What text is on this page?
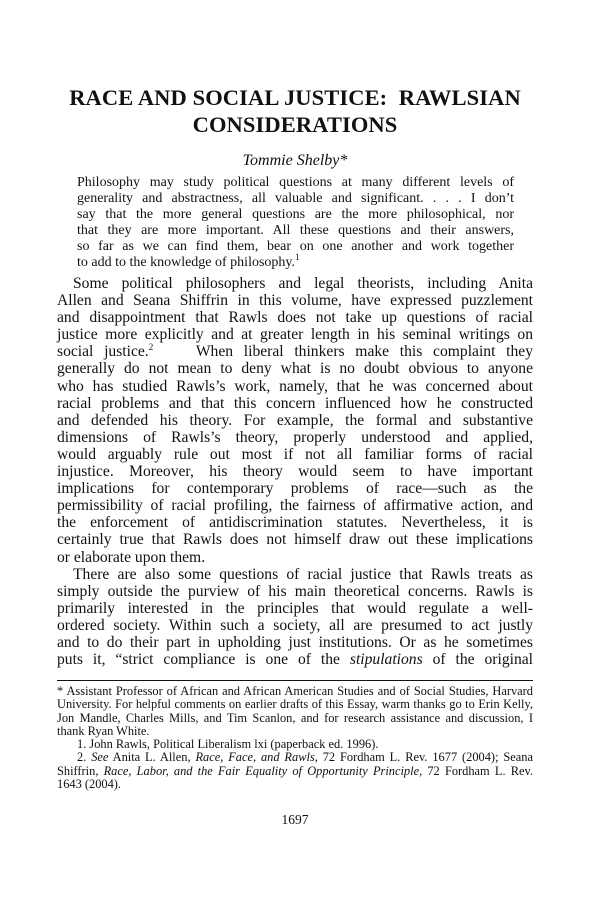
RACE AND SOCIAL JUSTICE:  RAWLSIAN
CONSIDERATIONS

Tommie Shelby*

Philosophy may study political questions at many different levels of
generality and abstractness, all valuable and significant. . . . I don’t
say that the more general questions are the more philosophical, nor
that they are more important. All these questions and their answers,
so far as we can find them, bear on one another and work together
to add to the knowledge of philosophy.$^1$
Some political philosophers and legal theorists, including Anita
Allen and Seana Shiffrin in this volume, have expressed puzzlement
and disappointment that Rawls does not take up questions of racial
justice more explicitly and at greater length in his seminal writings on
social justice.$^2$	When liberal thinkers make this complaint they
generally do not mean to deny what is no doubt obvious to anyone
who has studied Rawls’s work, namely, that he was concerned about
racial problems and that this concern influenced how he constructed
and defended his theory. For example, the formal and substantive
dimensions of Rawls’s theory, properly understood and applied,
would arguably rule out most if not all familiar forms of racial
injustice. Moreover, his theory would seem to have important
implications for contemporary problems of race—such as the
permissibility of racial profiling, the fairness of affirmative action, and
the enforcement of antidiscrimination statutes. Nevertheless, it is
certainly true that Rawls does not himself draw out these implications
or elaborate upon them.
There are also some questions of racial justice that Rawls treats as
simply outside the purview of his main theoretical concerns. Rawls is
primarily interested in the principles that would regulate a well-
ordered society. Within such a society, all are presumed to act justly
and to do their part in upholding just institutions. Or as he sometimes
puts it, “strict compliance is one of the stipulations of the original

* Assistant Professor of African and African American Studies and of Social Studies, Harvard University. For helpful comments on earlier drafts of this Essay, warm thanks go to Erin Kelly, Jon Mandle, Charles Mills, and Tim Scanlon, and for research assistance and discussion, I thank Ryan White.

1. John Rawls, Political Liberalism lxi (paperback ed. 1996).

2. See Anita L. Allen, Race, Face, and Rawls, 72 Fordham L. Rev. 1677 (2004); Seana Shiffrin, Race, Labor, and the Fair Equality of Opportunity Principle, 72 Fordham L. Rev. 1643 (2004).

1697
